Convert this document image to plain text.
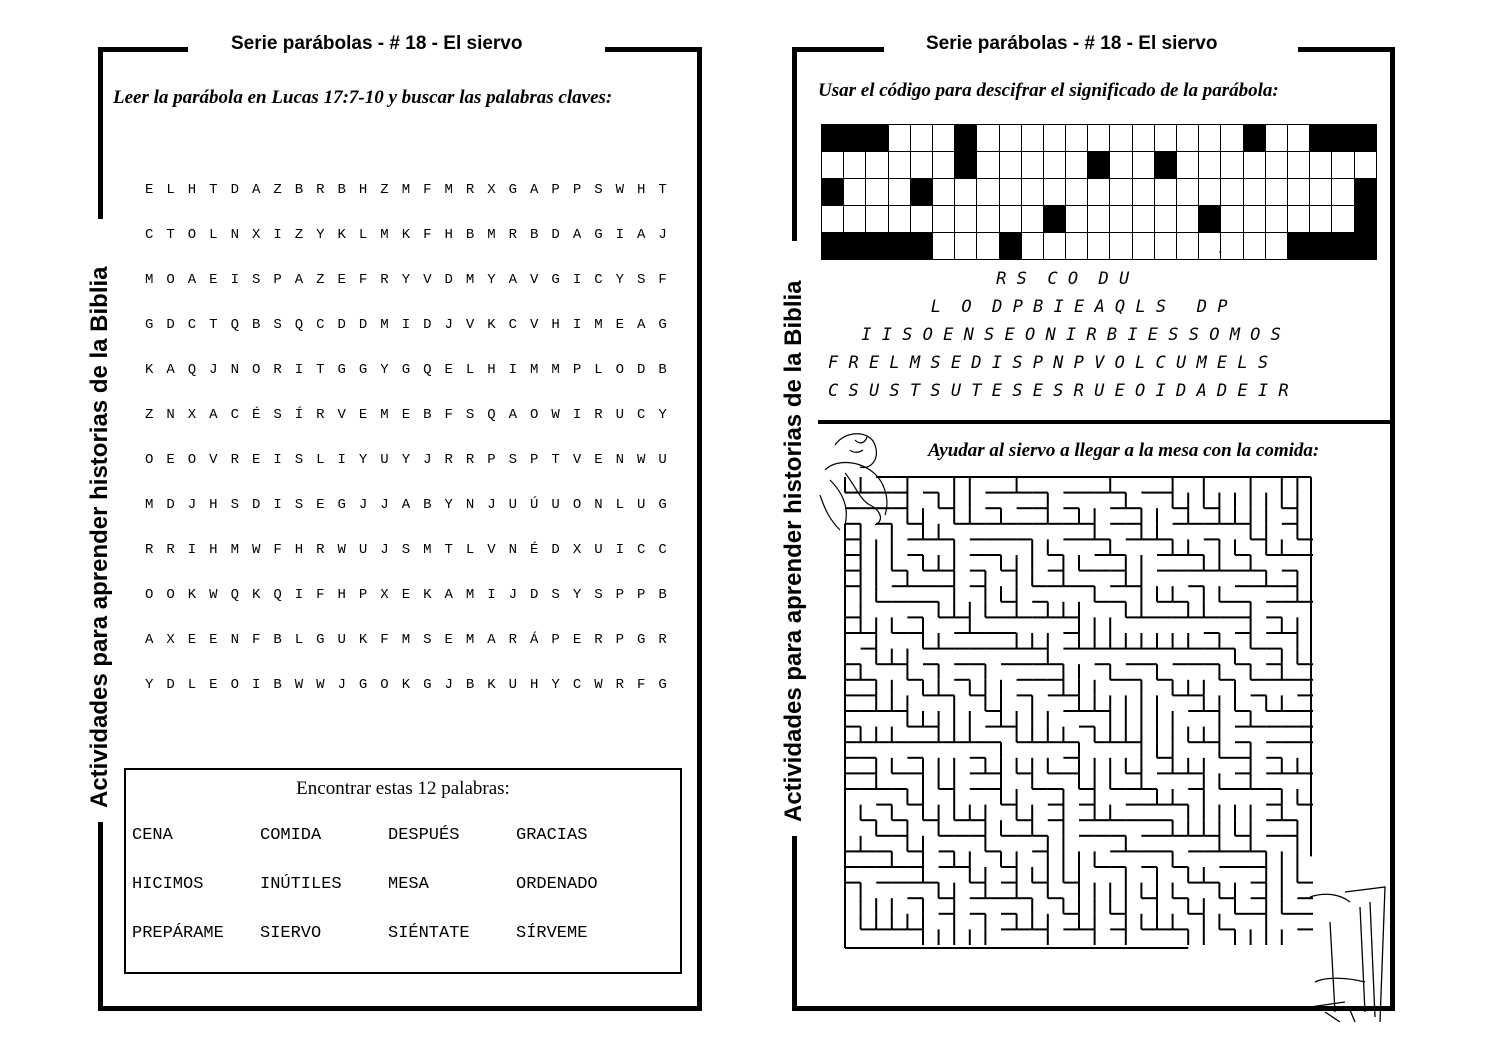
Serie parábolas - # 18 - El siervo
Actividades para aprender historias de la Biblia
Leer la parábola en Lucas 17:7-10 y buscar las palabras claves:
E L H T D A Z B R B H Z M F M R X G A P P S W H T
C T O L N X I Z Y K L M K F H B M R B D A G I A J
M O A E I S P A Z E F R Y V D M Y A V G I C Y S F
G D C T Q B S Q C D D M I D J V K C V H I M E A G
K A Q J N O R I T G G Y G Q E L H I M M P L O D B
Z N X A C É S Í R V E M E B F S Q A O W I R U C Y
O E O V R E I S L I Y U Y J R R P S P T V E N W U
M D J H S D I S E G J J A B Y N J U Ú U O N L U G
R R I H M W F H R W U J S M T L V N É D X U I C C
O O K W Q K Q I F H P X E K A M I J D S Y S P P B
A X E E N F B L G U K F M S E M A R Á P E R P G R
Y D L E O I B W W J G O K G J B K U H Y C W R F G
Encontrar estas 12 palabras:
CENA	COMIDA	DESPUÉS	GRACIAS
HICIMOS	INÚTILES	MESA	ORDENADO
PREPÁRAME SIERVO	SIÉNTATE	SÍRVEME
Serie parábolas - # 18 - El siervo
Actividades para aprender historias de la Biblia
Usar el código para descifrar el significado de la parábola:

.
R S  C O  D U
L  O  D P B I E A Q L S   D P
I I S O E N S E O N I R B I E S S O M O S
F R E L M S E D I S P N P V O L C U M E L S
C S U S T S U T E S E S R U E O I D A D E I R
Ayudar al siervo a llegar a la mesa con la comida:
